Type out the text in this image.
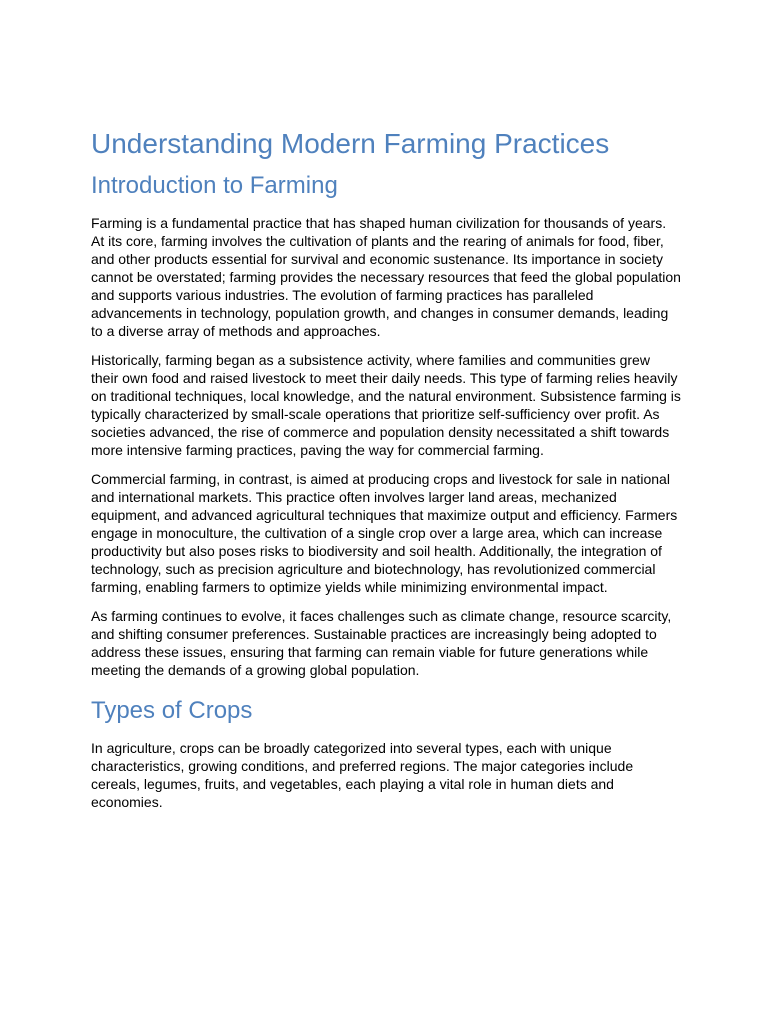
Understanding Modern Farming Practices
Introduction to Farming

Farming is a fundamental practice that has shaped human civilization for thousands of years. At its core, farming involves the cultivation of plants and the rearing of animals for food, fiber, and other products essential for survival and economic sustenance. Its importance in society cannot be overstated; farming provides the necessary resources that feed the global population and supports various industries. The evolution of farming practices has paralleled advancements in technology, population growth, and changes in consumer demands, leading to a diverse array of methods and approaches.

Historically, farming began as a subsistence activity, where families and communities grew their own food and raised livestock to meet their daily needs. This type of farming relies heavily on traditional techniques, local knowledge, and the natural environment. Subsistence farming is typically characterized by small-scale operations that prioritize self-sufficiency over profit. As societies advanced, the rise of commerce and population density necessitated a shift towards more intensive farming practices, paving the way for commercial farming.

Commercial farming, in contrast, is aimed at producing crops and livestock for sale in national and international markets. This practice often involves larger land areas, mechanized equipment, and advanced agricultural techniques that maximize output and efficiency. Farmers engage in monoculture, the cultivation of a single crop over a large area, which can increase productivity but also poses risks to biodiversity and soil health. Additionally, the integration of technology, such as precision agriculture and biotechnology, has revolutionized commercial farming, enabling farmers to optimize yields while minimizing environmental impact.

As farming continues to evolve, it faces challenges such as climate change, resource scarcity, and shifting consumer preferences. Sustainable practices are increasingly being adopted to address these issues, ensuring that farming can remain viable for future generations while meeting the demands of a growing global population.

Types of Crops

In agriculture, crops can be broadly categorized into several types, each with unique characteristics, growing conditions, and preferred regions. The major categories include cereals, legumes, fruits, and vegetables, each playing a vital role in human diets and economies.
